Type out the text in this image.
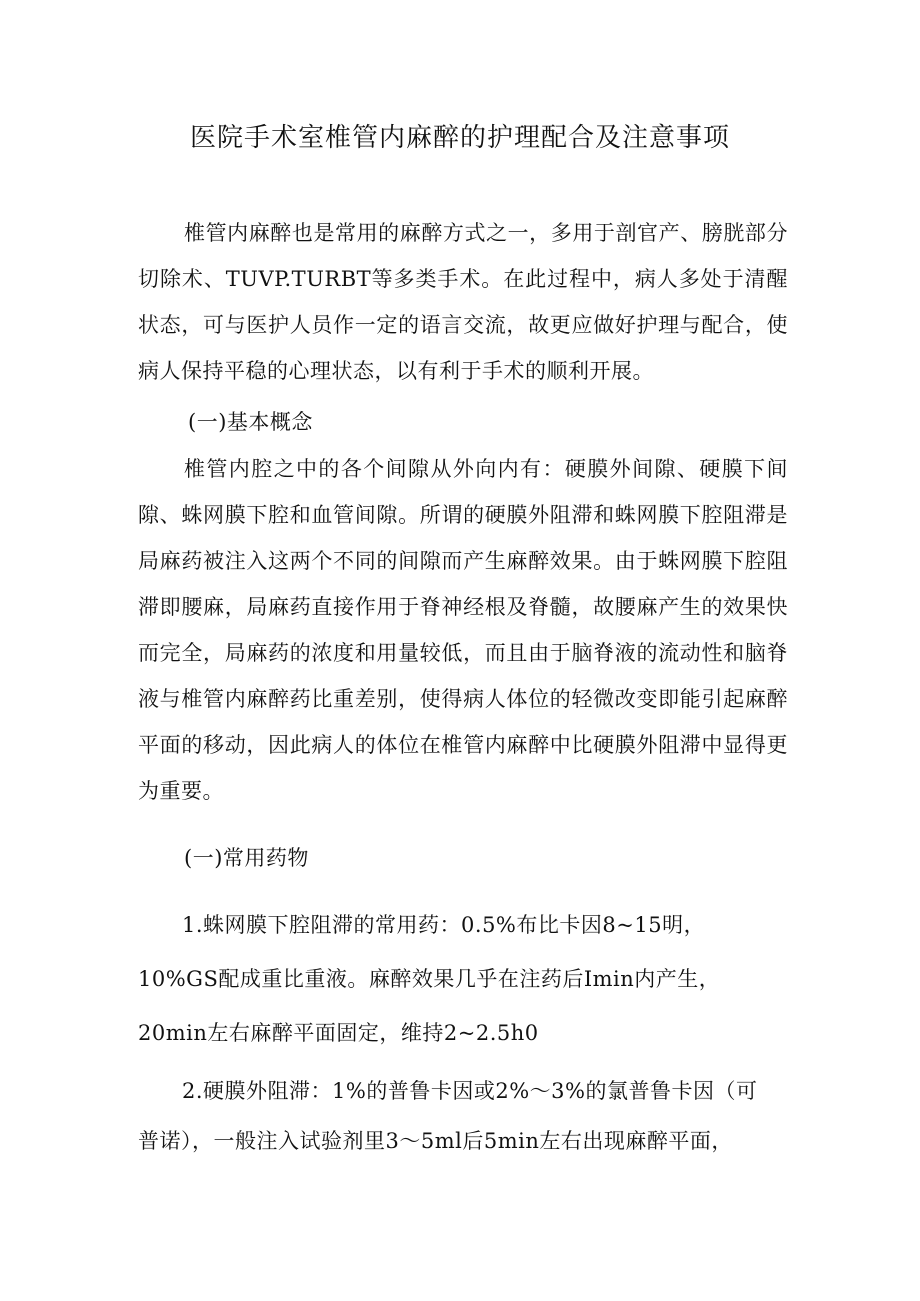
医院手术室椎管内麻醉的护理配合及注意事项

椎管内麻醉也是常用的麻醉方式之一，多用于剖官产、膀胱部分切除术、TUVP.TURBT等多类手术。在此过程中，病人多处于清醒状态，可与医护人员作一定的语言交流，故更应做好护理与配合，使病人保持平稳的心理状态，以有利于手术的顺利开展。

(一)基本概念

椎管内腔之中的各个间隙从外向内有：硬膜外间隙、硬膜下间隙、蛛网膜下腔和血管间隙。所谓的硬膜外阻滞和蛛网膜下腔阻滞是局麻药被注入这两个不同的间隙而产生麻醉效果。由于蛛网膜下腔阻滞即腰麻，局麻药直接作用于脊神经根及脊髓，故腰麻产生的效果快而完全，局麻药的浓度和用量较低，而且由于脑脊液的流动性和脑脊液与椎管内麻醉药比重差别，使得病人体位的轻微改变即能引起麻醉平面的移动，因此病人的体位在椎管内麻醉中比硬膜外阻滞中显得更为重要。

(一)常用药物

1.蛛网膜下腔阻滞的常用药：0.5%布比卡因8~15明，
10%GS配成重比重液。麻醉效果几乎在注药后Imin内产生，
20min左右麻醉平面固定，维持2~2.5h0
2.硬膜外阻滞：1%的普鲁卡因或2%～3%的氯普鲁卡因（可
普诺），一般注入试验剂里3～5ml后5min左右出现麻醉平面，
